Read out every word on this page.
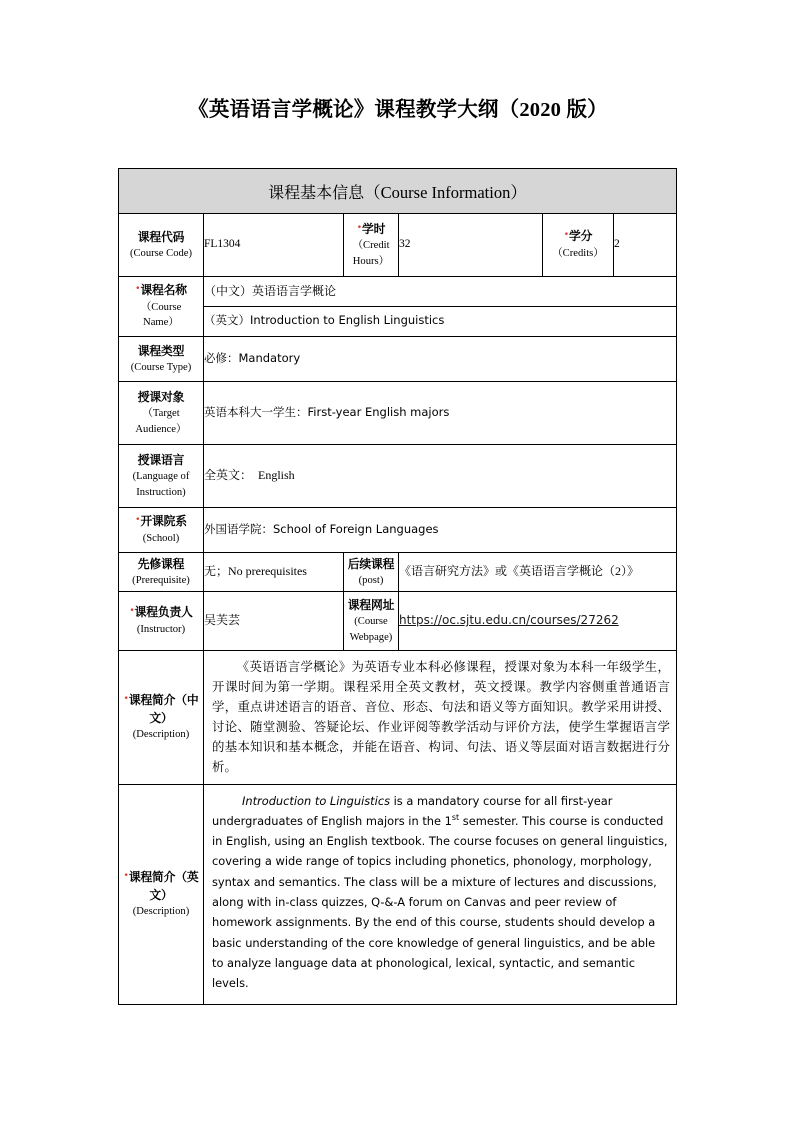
《英语语言学概论》课程教学大纲（2020 版）
课程基本信息（Course Information）					

课程代码
(Course Code)
	FL1304	
•学时
（Credit
Hours）
	32	
•学分
（Credits）
	2

•课程名称
（Course
Name）	（中文）英语语言学概论				
	（英文）Introduction to English Linguistics				

课程类型
(Course Type)	必修：Mandatory				

授课对象
（Target
Audience）	英语本科大一学生：First-year English majors				

授课语言
(Language of
Instruction)	全英文：　English				

•开课院系
(School)	外国语学院：School of Foreign Languages				

先修课程
(Prerequisite)
	无；No prerequisites	
后续课程
(post)
	《语言研究方法》或《英语语言学概论（2）》

•课程负责人
(Instructor)
	吴芙芸	
课程网址
(Course
Webpage)
	https://oc.sjtu.edu.cn/courses/27262

•课程简介（中
文）
(Description)	《英语语言学概论》为英语专业本科必修课程，授课对象为本科一年级学生，开课时间为第一学期。课程采用全英文教材，英文授课。教学内容侧重普通语言学，重点讲述语言的语音、音位、形态、句法和语义等方面知识。教学采用讲授、讨论、随堂测验、答疑论坛、作业评阅等教学活动与评价方法，使学生掌握语言学的基本知识和基本概念，并能在语音、构词、句法、语义等层面对语言数据进行分析。				

•课程简介（英
文）
(Description)

Introduction to Linguistics is a mandatory course for all first-year undergraduates of English majors in the 1st semester. This course is conducted in English, using an English textbook. The course focuses on general linguistics, covering a wide range of topics including phonetics, phonology, morphology, syntax and semantics. The class will be a mixture of lectures and discussions, along with in-class quizzes, Q-&-A forum on Canvas and peer review of homework assignments. By the end of this course, students should develop a basic understanding of the core knowledge of general linguistics, and be able to analyze language data at phonological, lexical, syntactic, and semantic levels.
